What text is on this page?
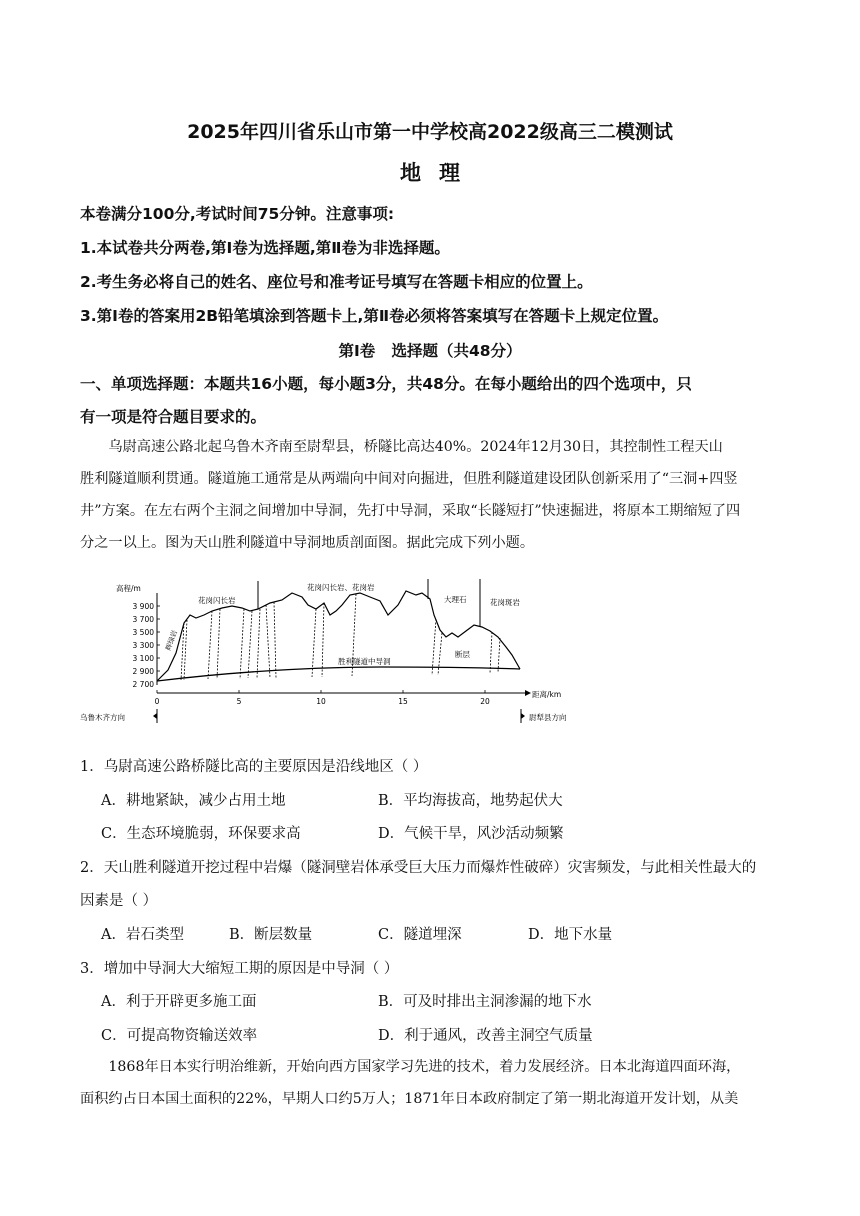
2025年四川省乐山市第一中学校高2022级高三二模测试
地理
本卷满分100分,考试时间75分钟。注意事项:
1.本试卷共分两卷,第Ⅰ卷为选择题,第Ⅱ卷为非选择题。
2.考生务必将自己的姓名、座位号和准考证号填写在答题卡相应的位置上。
3.第Ⅰ卷的答案用2B铅笔填涂到答题卡上,第Ⅱ卷必须将答案填写在答题卡上规定位置。
第Ⅰ卷   选择题（共48分）
一、单项选择题：本题共16小题，每小题3分，共48分。在每小题给出的四个选项中，只
有一项是符合题目要求的。

　　乌尉高速公路北起乌鲁木齐南至尉犁县，桥隧比高达40%。2024年12月30日，其控制性工程天山

胜利隧道顺利贯通。隧道施工通常是从两端向中间对向掘进，但胜利隧道建设团队创新采用了“三洞+四竖

井”方案。在左右两个主洞之间增加中导洞，先打中导洞，采取“长隧短打”快速掘进，将原本工期缩短了四

分之一以上。图为天山胜利隧道中导洞地质剖面图。据此完成下列小题。

高程/m
3 900
3 700
3 500
3 300
3 100
2 900
2 700
0	5	10	15	20
距离/km
胜利隧道中导洞
花岗闪长岩
花岗闪长岩、花岗岩
大理石	花岗斑岩
辉绿岩
断层
乌鲁木齐方向	尉犁县方向
1．乌尉高速公路桥隧比高的主要原因是沿线地区（ ）
A．耕地紧缺，减少占用土地	B．平均海拔高，地势起伏大
C．生态环境脆弱，环保要求高	D．气候干旱，风沙活动频繁
2．天山胜利隧道开挖过程中岩爆（隧洞壁岩体承受巨大压力而爆炸性破碎）灾害频发，与此相关性最大的
因素是（ ）
A．岩石类型	B．断层数量	C．隧道埋深	D．地下水量
3．增加中导洞大大缩短工期的原因是中导洞（ ）
A．利于开辟更多施工面	B．可及时排出主洞渗漏的地下水
C．可提高物资输送效率	D．利于通风，改善主洞空气质量

　　1868年日本实行明治维新，开始向西方国家学习先进的技术，着力发展经济。日本北海道四面环海，

面积约占日本国土面积的22%，早期人口约5万人；1871年日本政府制定了第一期北海道开发计划，从美
